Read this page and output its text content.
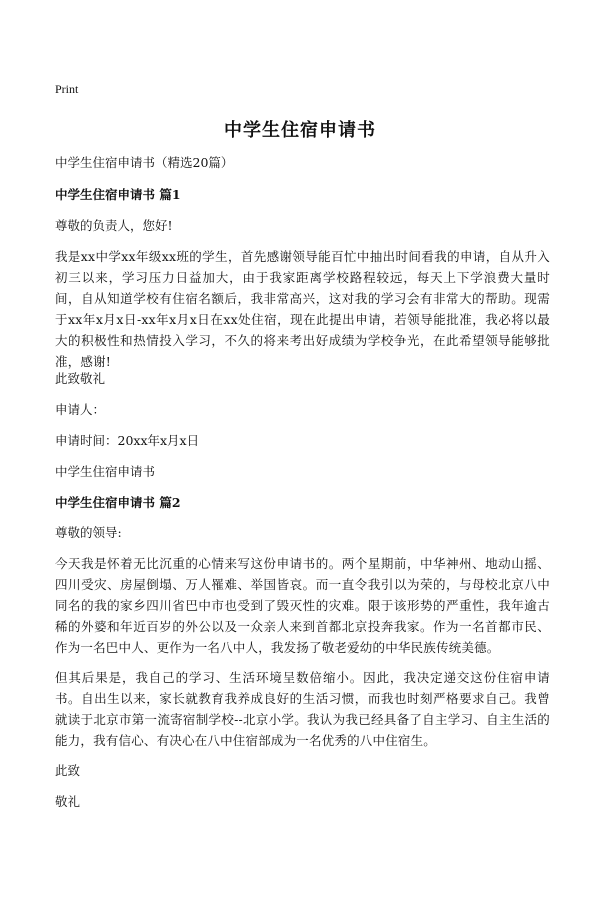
Print
中学生住宿申请书

中学生住宿申请书（精选20篇）

中学生住宿申请书 篇1

尊敬的负责人，您好!

我是xx中学xx年级xx班的学生，首先感谢领导能百忙中抽出时间看我的申请，自从升入初三以来，学习压力日益加大，由于我家距离学校路程较远，每天上下学浪费大量时间，自从知道学校有住宿名额后，我非常高兴，这对我的学习会有非常大的帮助。现需于xx年x月x日-xx年x月x日在xx处住宿，现在此提出申请，若领导能批准，我必将以最大的积极性和热情投入学习，不久的将来考出好成绩为学校争光，在此希望领导能够批准，感谢!

此致敬礼

申请人：

申请时间：20xx年x月x日

中学生住宿申请书

中学生住宿申请书 篇2

尊敬的领导:

今天我是怀着无比沉重的心情来写这份申请书的。两个星期前，中华神州、地动山摇、四川受灾、房屋倒塌、万人罹难、举国皆哀。而一直令我引以为荣的，与母校北京八中同名的我的家乡四川省巴中市也受到了毁灭性的灾难。限于该形势的严重性，我年逾古稀的外婆和年近百岁的外公以及一众亲人来到首都北京投奔我家。作为一名首都市民、作为一名巴中人、更作为一名八中人，我发扬了敬老爱幼的中华民族传统美德。

但其后果是，我自己的学习、生活环境呈数倍缩小。因此，我决定递交这份住宿申请书。自出生以来，家长就教育我养成良好的生活习惯，而我也时刻严格要求自己。我曾就读于北京市第一流寄宿制学校--北京小学。我认为我已经具备了自主学习、自主生活的能力，我有信心、有决心在八中住宿部成为一名优秀的八中住宿生。

此致

敬礼
